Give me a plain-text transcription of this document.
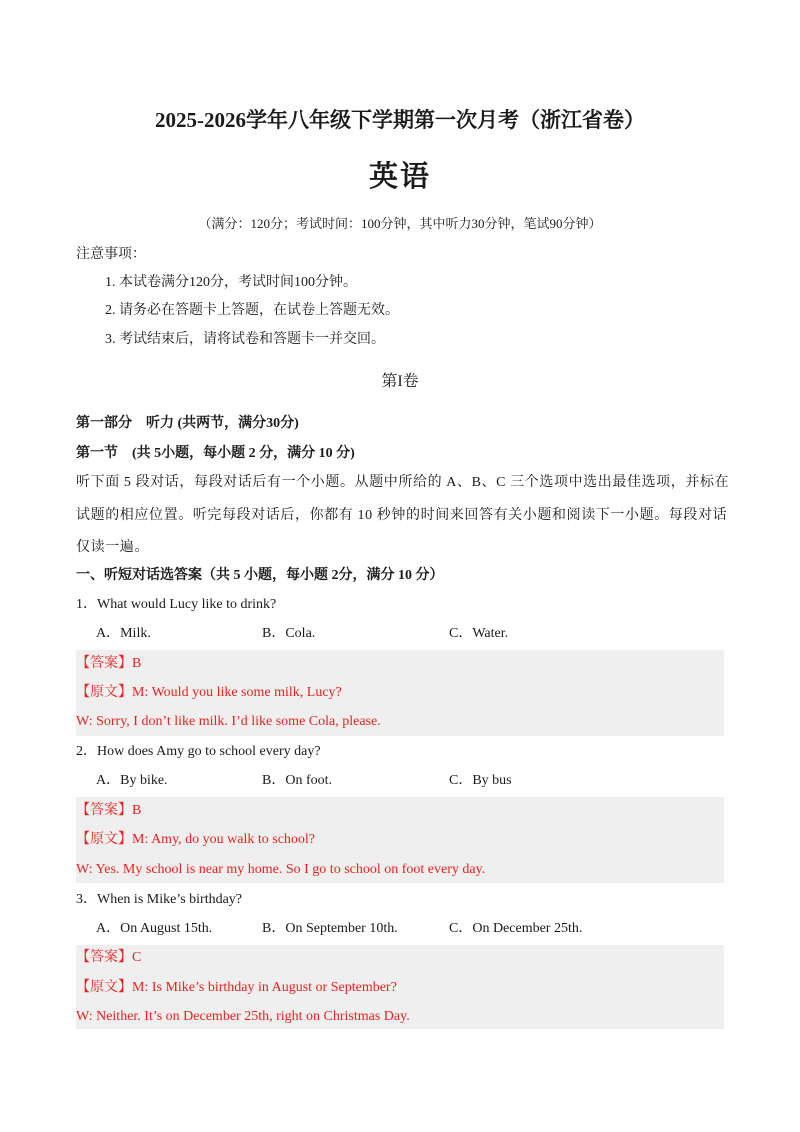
2025-2026学年八年级下学期第一次月考（浙江省卷）
英语
（满分：120分；考试时间：100分钟，其中听力30分钟，笔试90分钟）
注意事项：
1. 本试卷满分120分，考试时间100分钟。
2. 请务必在答题卡上答题，在试卷上答题无效。
3. 考试结束后，请将试卷和答题卡一并交回。
第I卷
第一部分　听力 (共两节，满分30分)
第一节　(共 5小题，每小题 2 分，满分 10 分)
听下面 5 段对话，每段对话后有一个小题。从题中所给的 A、B、C 三个选项中选出最佳选项，并标在
试题的相应位置。听完每段对话后，你都有 10 秒钟的时间来回答有关小题和阅读下一小题。每段对话
仅读一遍。
一、听短对话选答案（共 5 小题，每小题 2分，满分 10 分）
1．What would Lucy like to drink?
A．Milk.	B．Cola.	C．Water.
【答案】B
【原文】M: Would you like some milk, Lucy?
W: Sorry, I don’t like milk. I’d like some Cola, please.
2．How does Amy go to school every day?
A．By bike.	B．On foot.	C．By bus
【答案】B
【原文】M: Amy, do you walk to school?
W: Yes. My school is near my home. So I go to school on foot every day.
3．When is Mike’s birthday?
A．On August 15th.	B．On September 10th.	C．On December 25th.
【答案】C
【原文】M: Is Mike’s birthday in August or September?
W: Neither. It’s on December 25th, right on Christmas Day.
